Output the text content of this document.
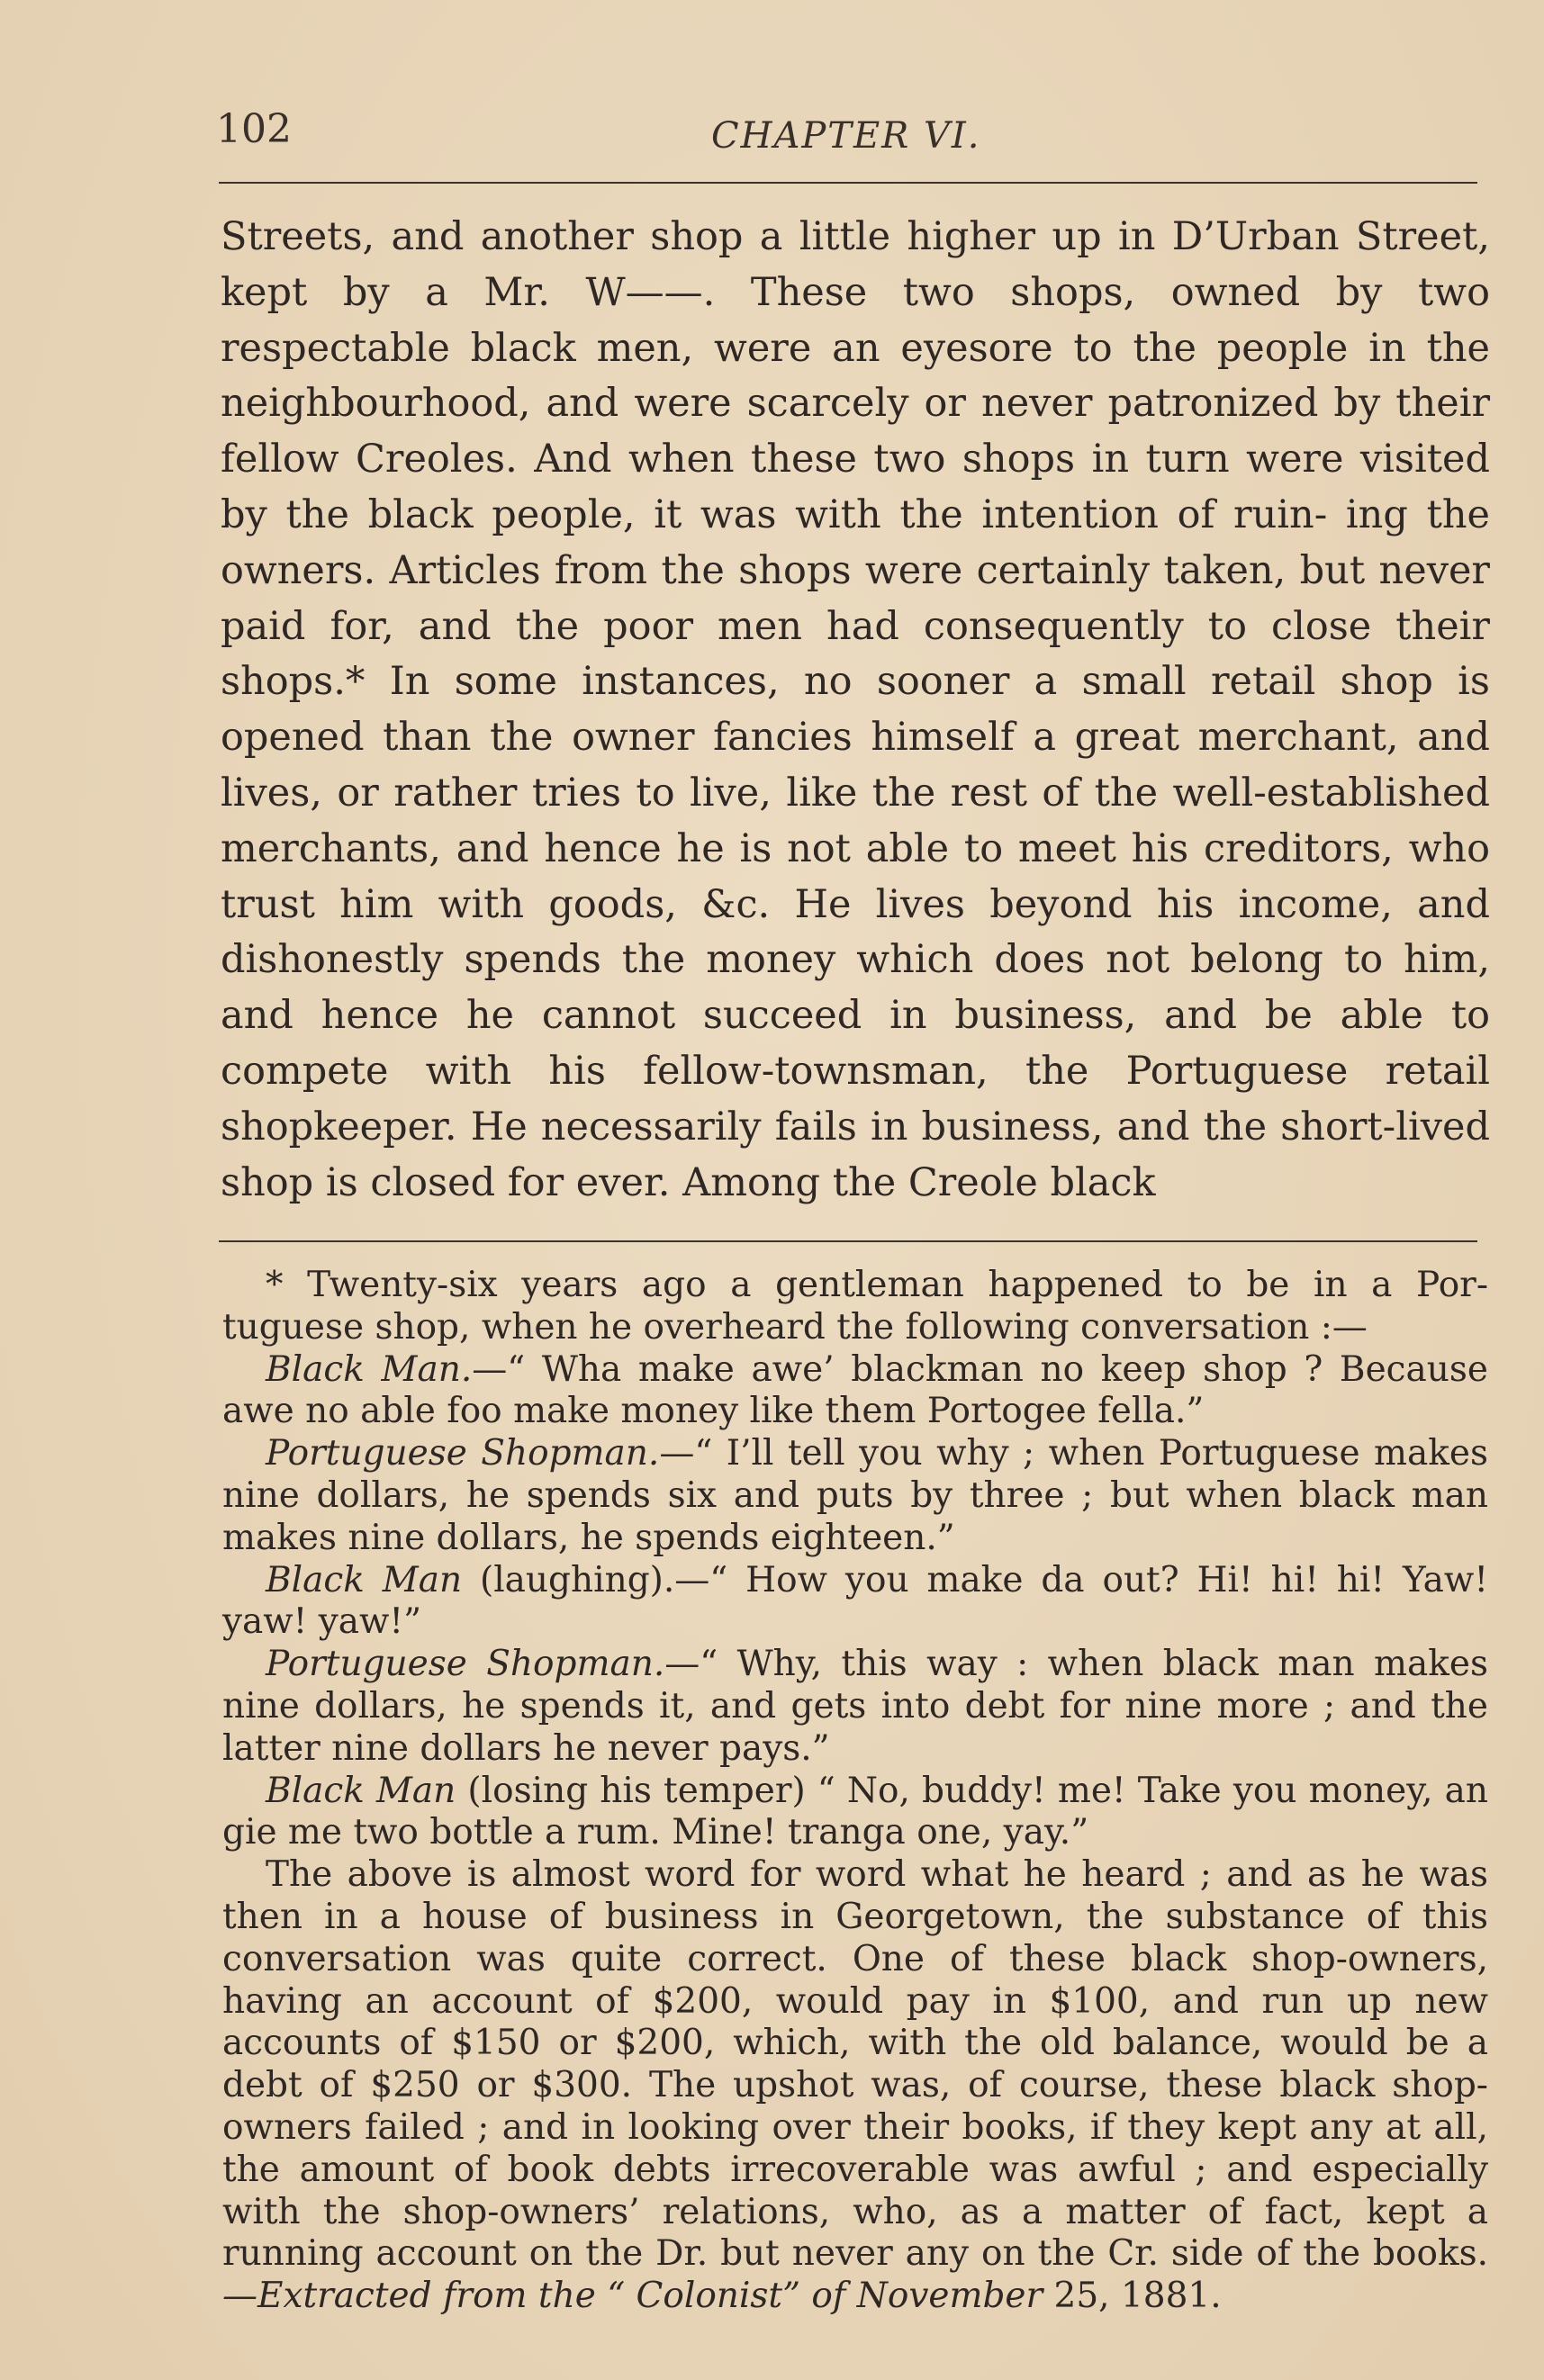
102	CHAPTER VI.

Streets, and another shop a little higher up in D’Urban Street, kept by a Mr. W——. These two shops, owned by two respectable black men, were an eyesore to the people in the neighbourhood, and were scarcely or never patronized by their fellow Creoles. And when these two shops in turn were visited by the black people, it was with the intention of ruin- ing the owners. Articles from the shops were certainly taken, but never paid for, and the poor men had consequently to close their shops.* In some instances, no sooner a small retail shop is opened than the owner fancies himself a great merchant, and lives, or rather tries to live, like the rest of the well-established merchants, and hence he is not able to meet his creditors, who trust him with goods, &c. He lives beyond his income, and dishonestly spends the money which does not belong to him, and hence he cannot succeed in business, and be able to compete with his fellow-townsman, the Portuguese retail shopkeeper. He necessarily fails in business, and the short-lived shop is closed for ever. Among the Creole black

* Twenty-six years ago a gentleman happened to be in a Por- tuguese shop, when he overheard the following conversation :—

Black Man.—“ Wha make awe’ blackman no keep shop ? Because awe no able foo make money like them Portogee fella.”

Portuguese Shopman.—“ I’ll tell you why ; when Portuguese makes nine dollars, he spends six and puts by three ; but when black man makes nine dollars, he spends eighteen.”

Black Man (laughing).—“ How you make da out? Hi! hi! hi! Yaw! yaw! yaw!”

Portuguese Shopman.—“ Why, this way : when black man makes nine dollars, he spends it, and gets into debt for nine more ; and the latter nine dollars he never pays.”

Black Man (losing his temper) “ No, buddy! me! Take you money, an gie me two bottle a rum. Mine! tranga one, yay.”

The above is almost word for word what he heard ; and as he was then in a house of business in Georgetown, the substance of this conversation was quite correct. One of these black shop-owners, having an account of $200, would pay in $100, and run up new accounts of $150 or $200, which, with the old balance, would be a debt of $250 or $300. The upshot was, of course, these black shop-owners failed ; and in looking over their books, if they kept any at all, the amount of book debts irrecoverable was awful ; and especially with the shop-owners’ relations, who, as a matter of fact, kept a running account on the Dr. but never any on the Cr. side of the books.—Extracted from the “ Colonist” of November 25, 1881.
